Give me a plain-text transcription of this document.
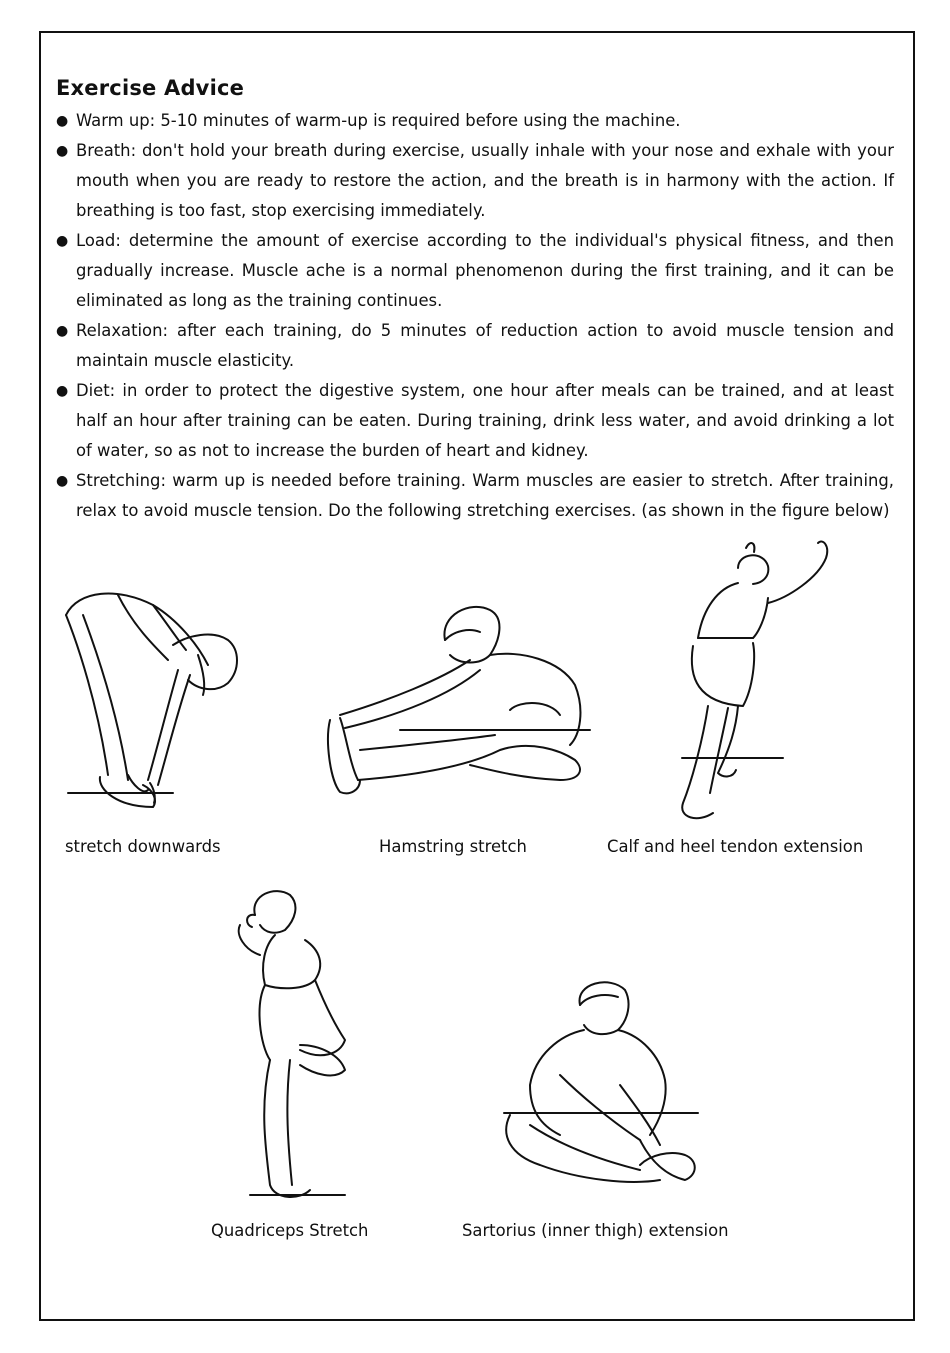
Exercise Advice
● Warm up: 5-10 minutes of warm-up is required before using the machine.
● Breath: don't hold your breath during exercise, usually inhale with your nose and exhale with your mouth when you are ready to restore the action, and the breath is in harmony with the action. If breathing is too fast, stop exercising immediately.
● Load: determine the amount of exercise according to the individual's physical fitness, and then gradually increase. Muscle ache is a normal phenomenon during the first training, and it can be eliminated as long as the training continues.
● Relaxation: after each training, do 5 minutes of reduction action to avoid muscle tension and maintain muscle elasticity.
● Diet: in order to protect the digestive system, one hour after meals can be trained, and at least half an hour after training can be eaten. During training, drink less water, and avoid drinking a lot of water, so as not to increase the burden of heart and kidney.
● Stretching: warm up is needed before training. Warm muscles are easier to stretch. After training, relax to avoid muscle tension. Do the following stretching exercises. (as shown in the figure below)
stretch downwards	Hamstring stretch	Calf and heel tendon extension
Quadriceps Stretch	Sartorius (inner thigh) extension
